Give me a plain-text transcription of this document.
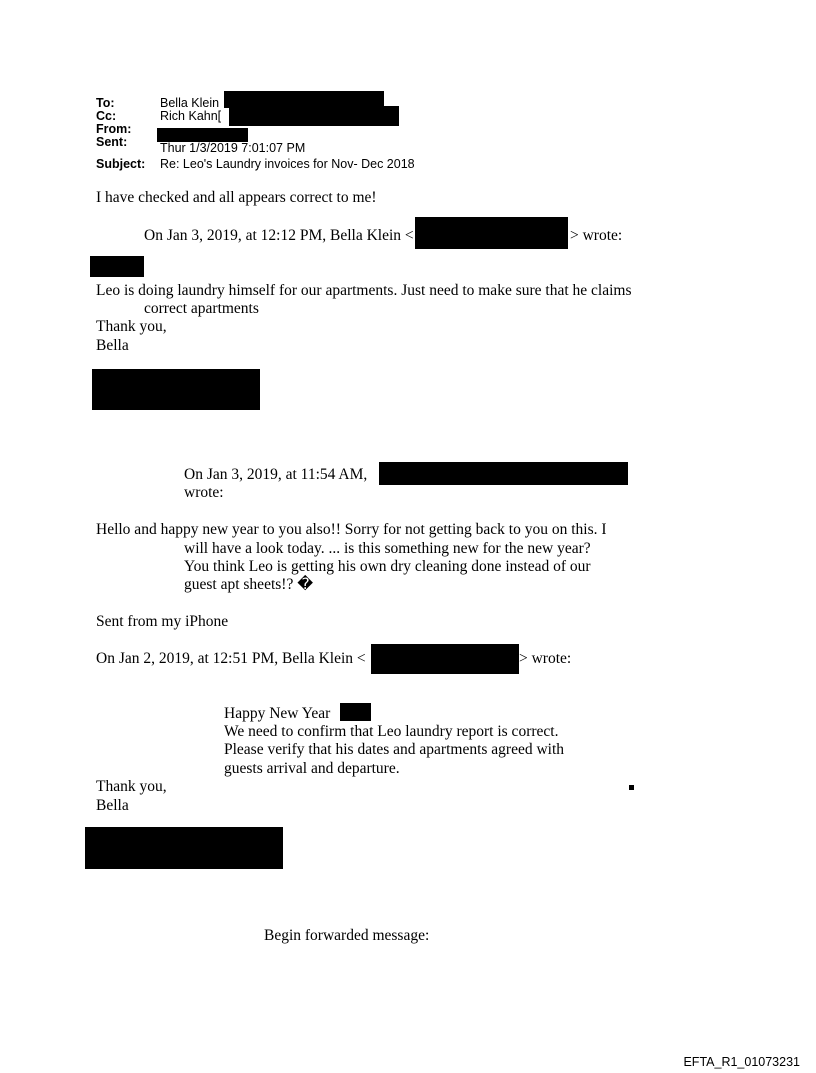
To:	Bella Klein
Cc:	Rich Kahn[
From:
Sent:	Thur 1/3/2019 7:01:07 PM
Subject: Re: Leo's Laundry invoices for Nov- Dec 2018
I have checked and all appears correct to me!
On Jan 3, 2019, at 12:12 PM, Bella Klein <	> wrote:
Leo is doing laundry himself for our apartments. Just need to make sure that he claims
correct apartments
Thank you,
Bella
On Jan 3, 2019, at 11:54 AM,
wrote:
Hello and happy new year to you also!! Sorry for not getting back to you on this. I
will have a look today. ... is this something new for the new year?
You think Leo is getting his own dry cleaning done instead of our
guest apt sheets!? �
Sent from my iPhone
On Jan 2, 2019, at 12:51 PM, Bella Klein <	> wrote:
Happy New Year
We need to confirm that Leo laundry report is correct.
Please verify that his dates and apartments agreed with
guests arrival and departure.
Thank you,
Bella
Begin forwarded message:
EFTA_R1_01073231
